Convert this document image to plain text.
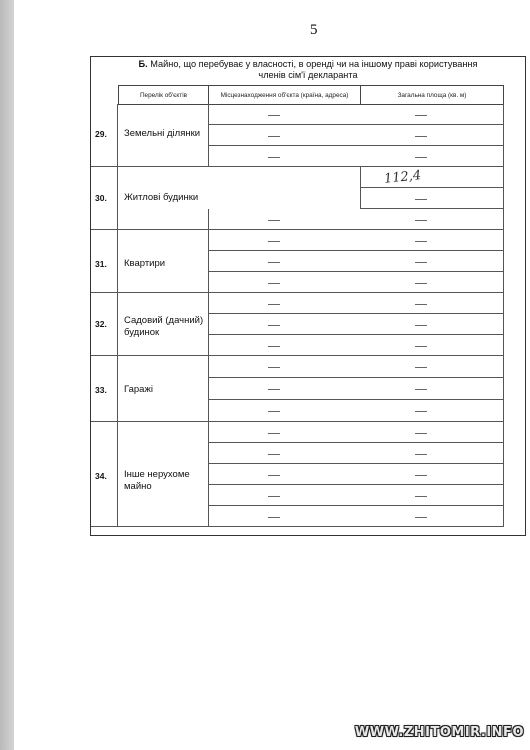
5
Б. Майно, що перебуває у власності, в оренді чи на іншому праві користування
членів сім'ї декларанта
Перелік об'єктів	Місцезнаходження об'єкта (країна, адреса)	Загальна площа (кв. м)
29. Земельні ділянки
30. Житлові будинки
31. Квартири
32. Садовий (дачний) будинок
33. Гаражі
34. Інше нерухоме майно
112,4
WWW.ZHITOMIR.INFO
